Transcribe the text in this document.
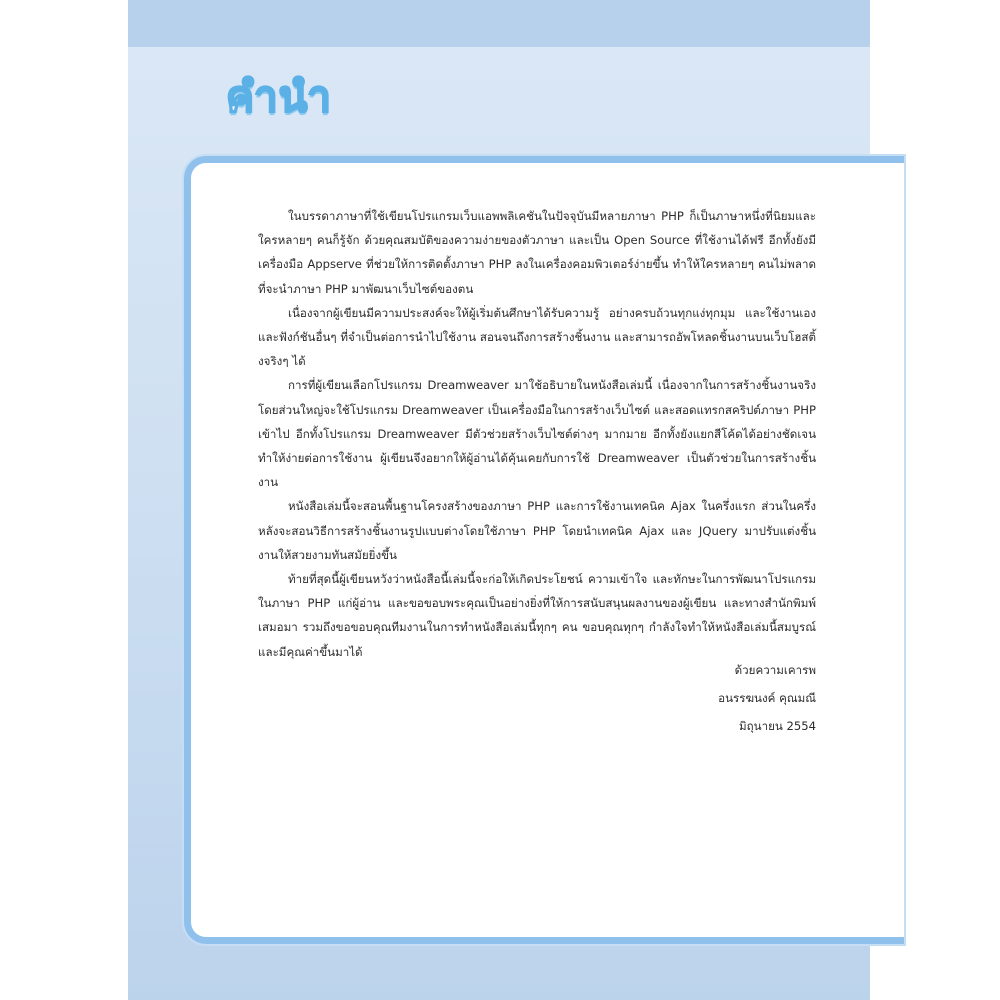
คำนำ

ในบรรดาภาษาที่ใช้เขียนโปรแกรมเว็บแอพพลิเคชันในปัจจุบันมีหลายภาษา PHP ก็เป็นภาษาหนึ่งที่นิยมและใครหลายๆ คนก็รู้จัก ด้วยคุณสมบัติของความง่ายของตัวภาษา และเป็น Open Source ที่ใช้งานได้ฟรี อีกทั้งยังมีเครื่องมือ Appserve ที่ช่วยให้การติดตั้งภาษา PHP ลงในเครื่องคอมพิวเตอร์ง่ายขึ้น ทำให้ใครหลายๆ คนไม่พลาดที่จะนำภาษา PHP มาพัฒนาเว็บไซต์ของตน

เนื่องจากผู้เขียนมีความประสงค์จะให้ผู้เริ่มต้นศึกษาได้รับความรู้ อย่างครบถ้วนทุกแง่ทุกมุม และใช้งานเอง และฟังก์ชันอื่นๆ ที่จำเป็นต่อการนำไปใช้งาน สอนจนถึงการสร้างชิ้นงาน และสามารถอัพโหลดชิ้นงานบนเว็บโฮสติ้งจริงๆ ได้

การที่ผู้เขียนเลือกโปรแกรม Dreamweaver มาใช้อธิบายในหนังสือเล่มนี้ เนื่องจากในการสร้างชิ้นงานจริง โดยส่วนใหญ่จะใช้โปรแกรม Dreamweaver เป็นเครื่องมือในการสร้างเว็บไซต์ และสอดแทรกสคริปต์ภาษา PHP เข้าไป อีกทั้งโปรแกรม Dreamweaver มีตัวช่วยสร้างเว็บไซต์ต่างๆ มากมาย อีกทั้งยังแยกสีโค้ดได้อย่างชัดเจนทำให้ง่ายต่อการใช้งาน ผู้เขียนจึงอยากให้ผู้อ่านได้คุ้นเคยกับการใช้ Dreamweaver เป็นตัวช่วยในการสร้างชิ้นงาน

หนังสือเล่มนี้จะสอนพื้นฐานโครงสร้างของภาษา PHP และการใช้งานเทคนิค Ajax ในครึ่งแรก ส่วนในครึ่งหลังจะสอนวิธีการสร้างชิ้นงานรูปแบบต่างโดยใช้ภาษา PHP โดยนำเทคนิค Ajax และ JQuery มาปรับแต่งชิ้นงานให้สวยงามทันสมัยยิ่งขึ้น

ท้ายที่สุดนี้ผู้เขียนหวังว่าหนังสือนี้เล่มนี้จะก่อให้เกิดประโยชน์ ความเข้าใจ และทักษะในการพัฒนาโปรแกรมในภาษา PHP แก่ผู้อ่าน และขอขอบพระคุณเป็นอย่างยิ่งที่ให้การสนับสนุนผลงานของผู้เขียน และทางสำนักพิมพ์เสมอมา รวมถึงขอขอบคุณทีมงานในการทำหนังสือเล่มนี้ทุกๆ คน ขอบคุณทุกๆ กำลังใจทำให้หนังสือเล่มนี้สมบูรณ์ และมีคุณค่าขึ้นมาได้

ด้วยความเคารพ
อนรรฆนงค์ คุณมณี
มิถุนายน 2554
